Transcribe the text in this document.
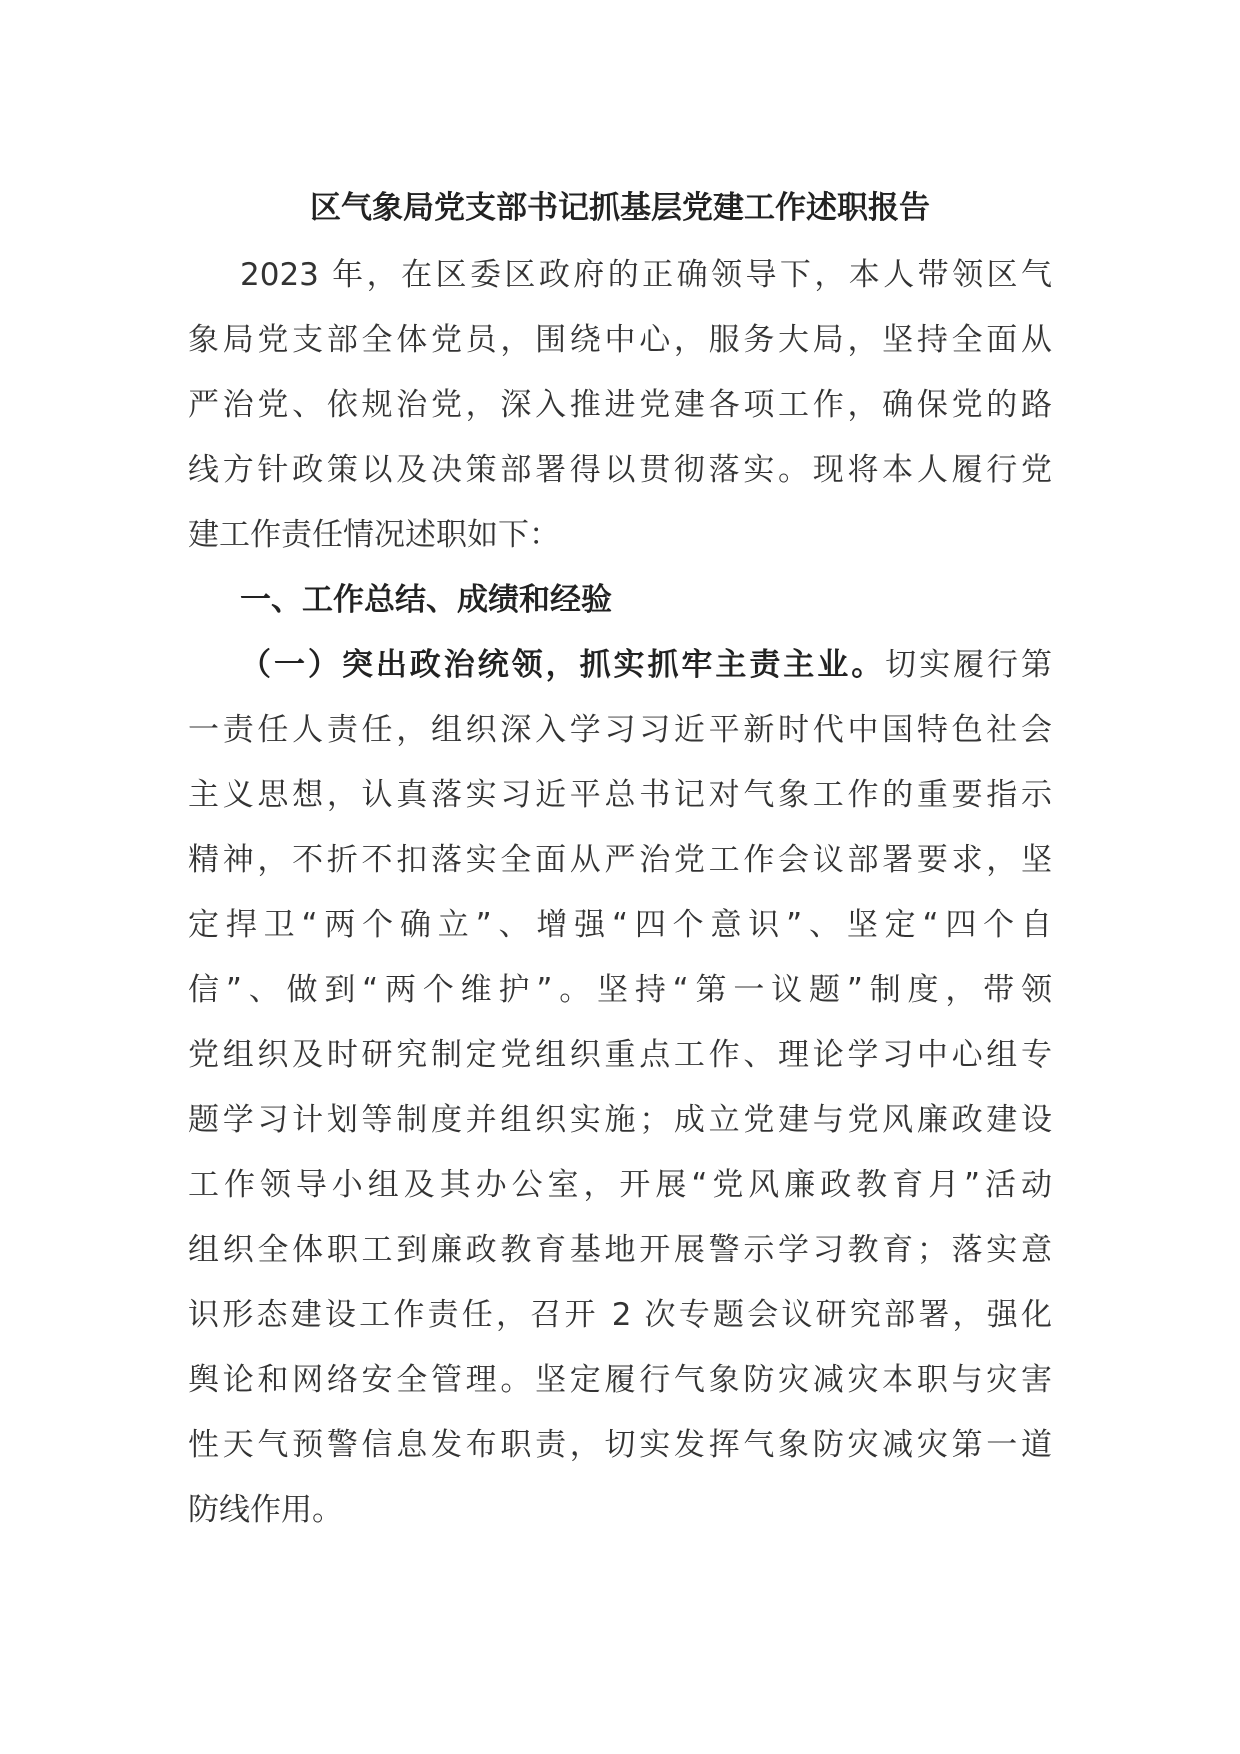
区气象局党支部书记抓基层党建工作述职报告
2023 年，在区委区政府的正确领导下，本人带领区气
象局党支部全体党员，围绕中心，服务大局，坚持全面从
严治党、依规治党，深入推进党建各项工作，确保党的路
线方针政策以及决策部署得以贯彻落实。现将本人履行党
建工作责任情况述职如下：
一、工作总结、成绩和经验
（一）突出政治统领，抓实抓牢主责主业。切实履行第
一责任人责任，组织深入学习习近平新时代中国特色社会
主义思想，认真落实习近平总书记对气象工作的重要指示
精神，不折不扣落实全面从严治党工作会议部署要求，坚
定捍卫“两个确立”、增强“四个意识”、坚定“四个自
信”、做到“两个维护”。坚持“第一议题”制度，带领
党组织及时研究制定党组织重点工作、理论学习中心组专
题学习计划等制度并组织实施；成立党建与党风廉政建设
工作领导小组及其办公室，开展“党风廉政教育月”活动
组织全体职工到廉政教育基地开展警示学习教育；落实意
识形态建设工作责任，召开 2 次专题会议研究部署，强化
舆论和网络安全管理。坚定履行气象防灾减灾本职与灾害
性天气预警信息发布职责，切实发挥气象防灾减灾第一道
防线作用。
